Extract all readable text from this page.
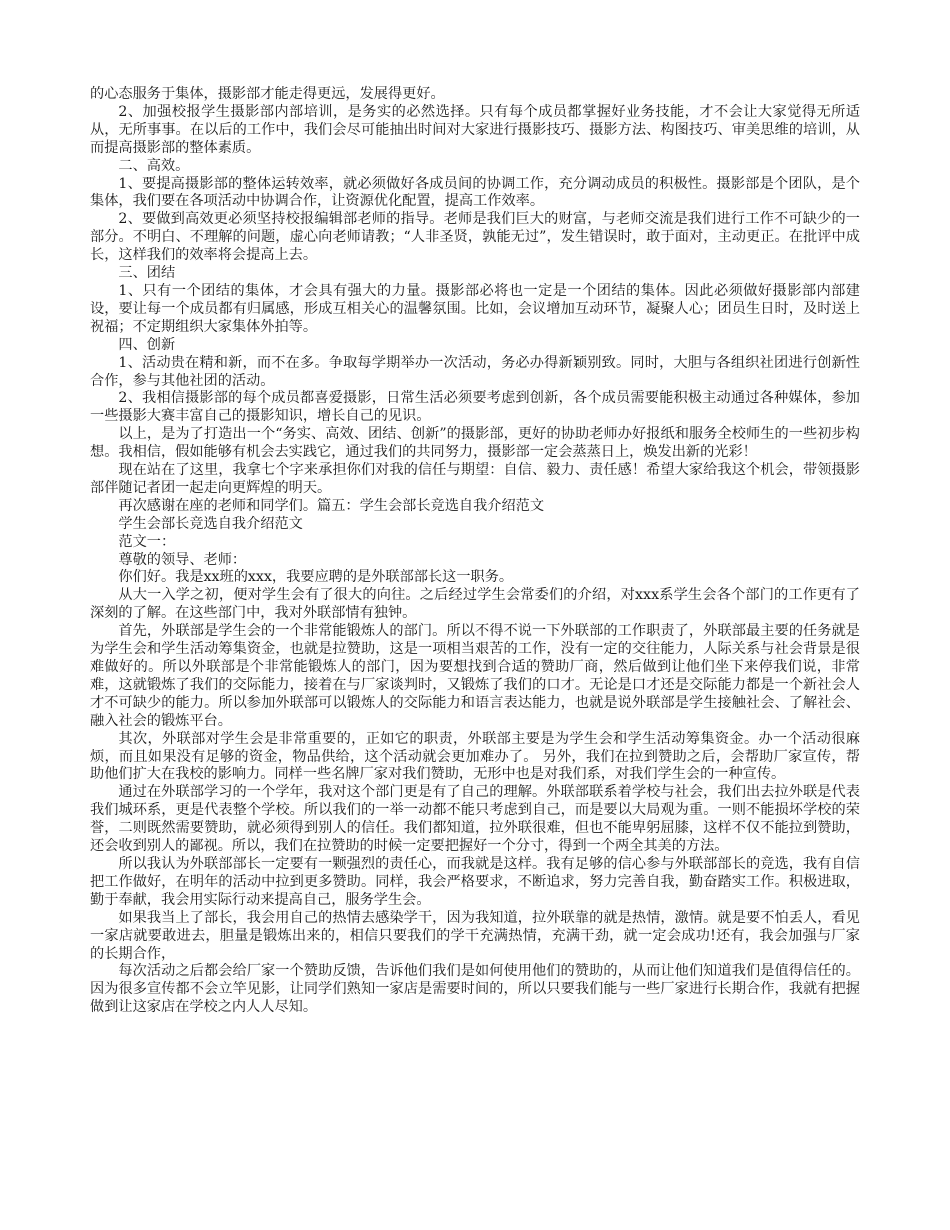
的心态服务于集体，摄影部才能走得更远，发展得更好。

2、加强校报学生摄影部内部培训，是务实的必然选择。只有每个成员都掌握好业务技能，才不会让大家觉得无所适从，无所事事。在以后的工作中，我们会尽可能抽出时间对大家进行摄影技巧、摄影方法、构图技巧、审美思维的培训，从而提高摄影部的整体素质。

二、高效。

1、要提高摄影部的整体运转效率，就必须做好各成员间的协调工作，充分调动成员的积极性。摄影部是个团队，是个集体，我们要在各项活动中协调合作，让资源优化配置，提高工作效率。

2、要做到高效更必须坚持校报编辑部老师的指导。老师是我们巨大的财富，与老师交流是我们进行工作不可缺少的一部分。不明白、不理解的问题，虚心向老师请教；“人非圣贤，孰能无过”，发生错误时，敢于面对，主动更正。在批评中成长，这样我们的效率将会提高上去。

三、团结

1、只有一个团结的集体，才会具有强大的力量。摄影部必将也一定是一个团结的集体。因此必须做好摄影部内部建设，要让每一个成员都有归属感，形成互相关心的温馨氛围。比如，会议增加互动环节，凝聚人心；团员生日时，及时送上祝福；不定期组织大家集体外拍等。

四、创新

1、活动贵在精和新，而不在多。争取每学期举办一次活动，务必办得新颖别致。同时，大胆与各组织社团进行创新性合作，参与其他社团的活动。

2、我相信摄影部的每个成员都喜爱摄影，日常生活必须要考虑到创新，各个成员需要能积极主动通过各种媒体，参加一些摄影大赛丰富自己的摄影知识，增长自己的见识。

以上，是为了打造出一个“务实、高效、团结、创新”的摄影部，更好的协助老师办好报纸和服务全校师生的一些初步构想。我相信，假如能够有机会去实践它，通过我们的共同努力，摄影部一定会蒸蒸日上，焕发出新的光彩！

现在站在了这里，我拿七个字来承担你们对我的信任与期望：自信、毅力、责任感！希望大家给我这个机会，带领摄影部伴随记者团一起走向更辉煌的明天。

再次感谢在座的老师和同学们。篇五：学生会部长竞选自我介绍范文

学生会部长竞选自我介绍范文

范文一：

尊敬的领导、老师：

你们好。我是xx班的xxx，我要应聘的是外联部部长这一职务。

从大一入学之初，便对学生会有了很大的向往。之后经过学生会常委们的介绍，对xxx系学生会各个部门的工作更有了深刻的了解。在这些部门中，我对外联部情有独钟。

首先，外联部是学生会的一个非常能锻炼人的部门。所以不得不说一下外联部的工作职责了，外联部最主要的任务就是为学生会和学生活动筹集资金，也就是拉赞助，这是一项相当艰苦的工作，没有一定的交往能力，人际关系与社会背景是很难做好的。所以外联部是个非常能锻炼人的部门，因为要想找到合适的赞助厂商，然后做到让他们坐下来停我们说，非常难，这就锻炼了我们的交际能力，接着在与厂家谈判时，又锻炼了我们的口才。无论是口才还是交际能力都是一个新社会人才不可缺少的能力。所以参加外联部可以锻炼人的交际能力和语言表达能力，也就是说外联部是学生接触社会、了解社会、融入社会的锻炼平台。

其次，外联部对学生会是非常重要的，正如它的职责，外联部主要是为学生会和学生活动筹集资金。办一个活动很麻烦，而且如果没有足够的资金，物品供给，这个活动就会更加难办了。 另外，我们在拉到赞助之后，会帮助厂家宣传，帮助他们扩大在我校的影响力。同样一些名牌厂家对我们赞助，无形中也是对我们系，对我们学生会的一种宣传。

通过在外联部学习的一个学年，我对这个部门更是有了自己的理解。外联部联系着学校与社会，我们出去拉外联是代表我们城环系，更是代表整个学校。所以我们的一举一动都不能只考虑到自己，而是要以大局观为重。一则不能损坏学校的荣誉，二则既然需要赞助，就必须得到别人的信任。我们都知道，拉外联很难，但也不能卑躬屈膝，这样不仅不能拉到赞助，还会收到别人的鄙视。所以，我们在拉赞助的时候一定要把握好一个分寸，得到一个两全其美的方法。

所以我认为外联部部长一定要有一颗强烈的责任心，而我就是这样。我有足够的信心参与外联部部长的竞选，我有自信把工作做好，在明年的活动中拉到更多赞助。同样，我会严格要求，不断追求，努力完善自我，勤奋踏实工作。积极进取，勤于奉献，我会用实际行动来提高自己，服务学生会。

如果我当上了部长，我会用自己的热情去感染学干，因为我知道，拉外联靠的就是热情，激情。就是要不怕丢人，看见一家店就要敢进去，胆量是锻炼出来的，相信只要我们的学干充满热情，充满干劲，就一定会成功!还有，我会加强与厂家的长期合作，

每次活动之后都会给厂家一个赞助反馈，告诉他们我们是如何使用他们的赞助的，从而让他们知道我们是值得信任的。因为很多宣传都不会立竿见影，让同学们熟知一家店是需要时间的，所以只要我们能与一些厂家进行长期合作，我就有把握做到让这家店在学校之内人人尽知。
